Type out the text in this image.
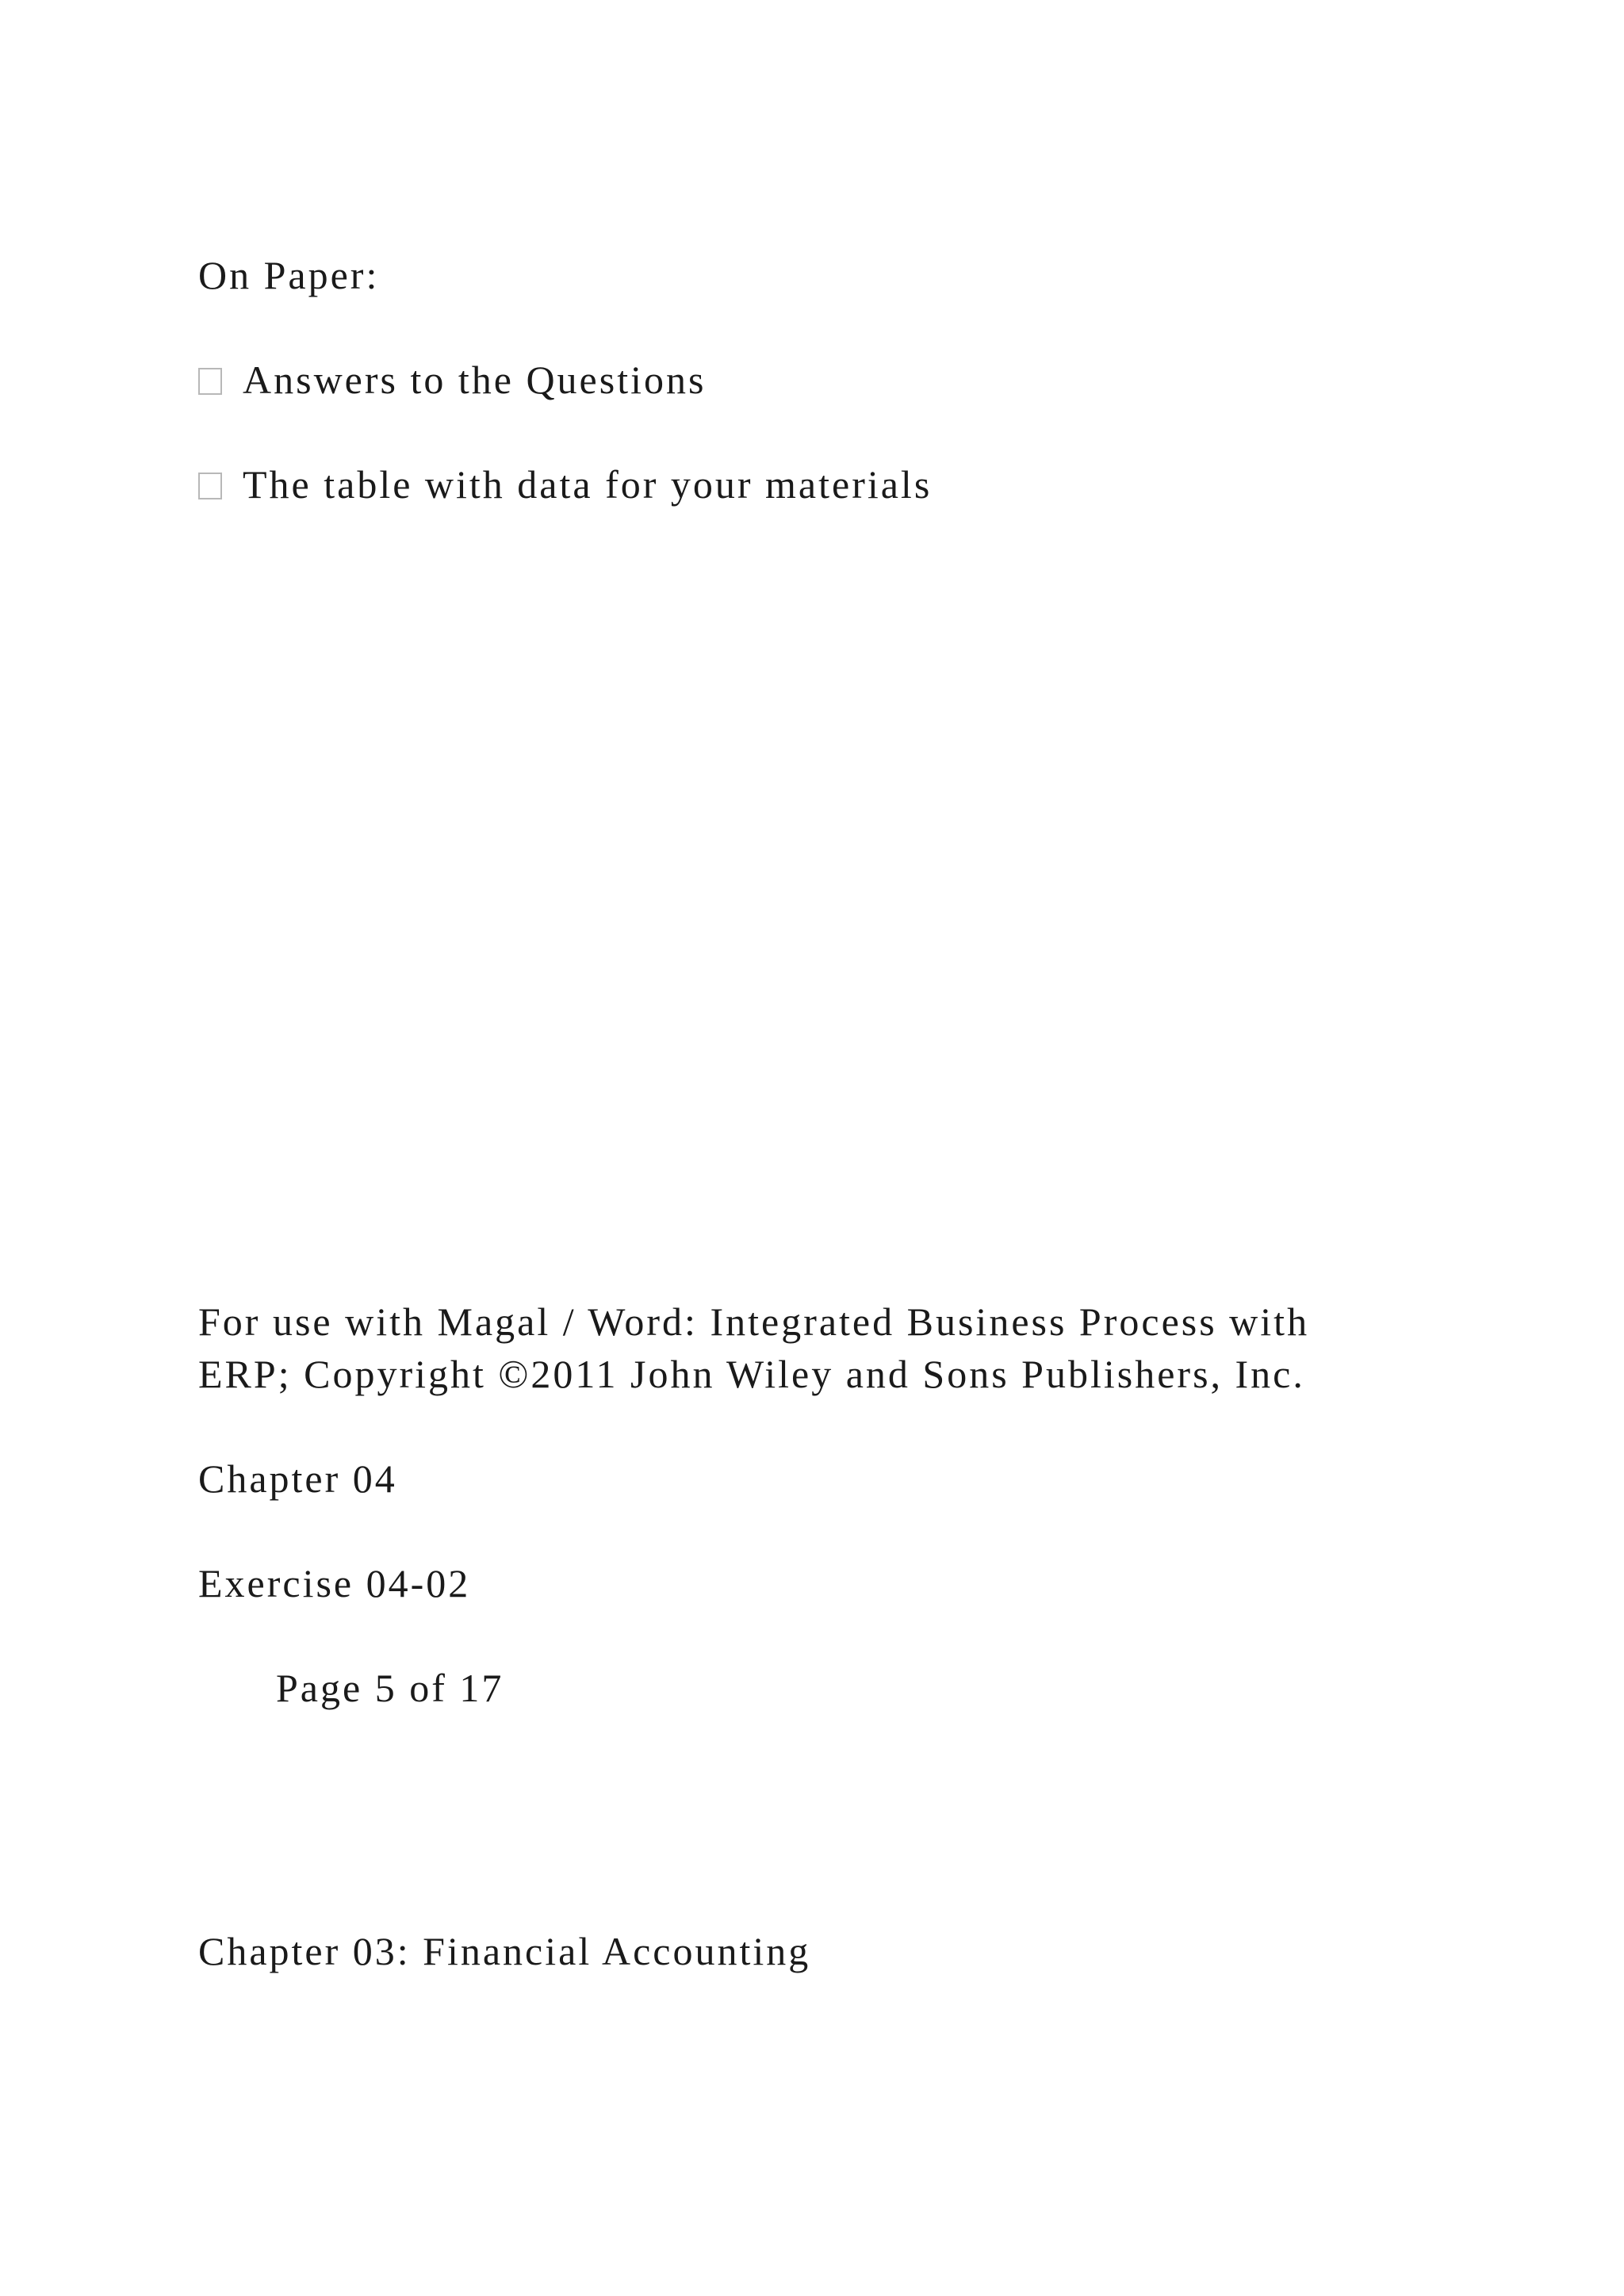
On Paper:
Answers to the Questions
The table with data for your materials
For use with Magal / Word: Integrated Business Process with
ERP; Copyright ©2011 John Wiley and Sons Publishers, Inc.
Chapter 04
Exercise 04-02
Page 5 of 17
Chapter 03: Financial Accounting
